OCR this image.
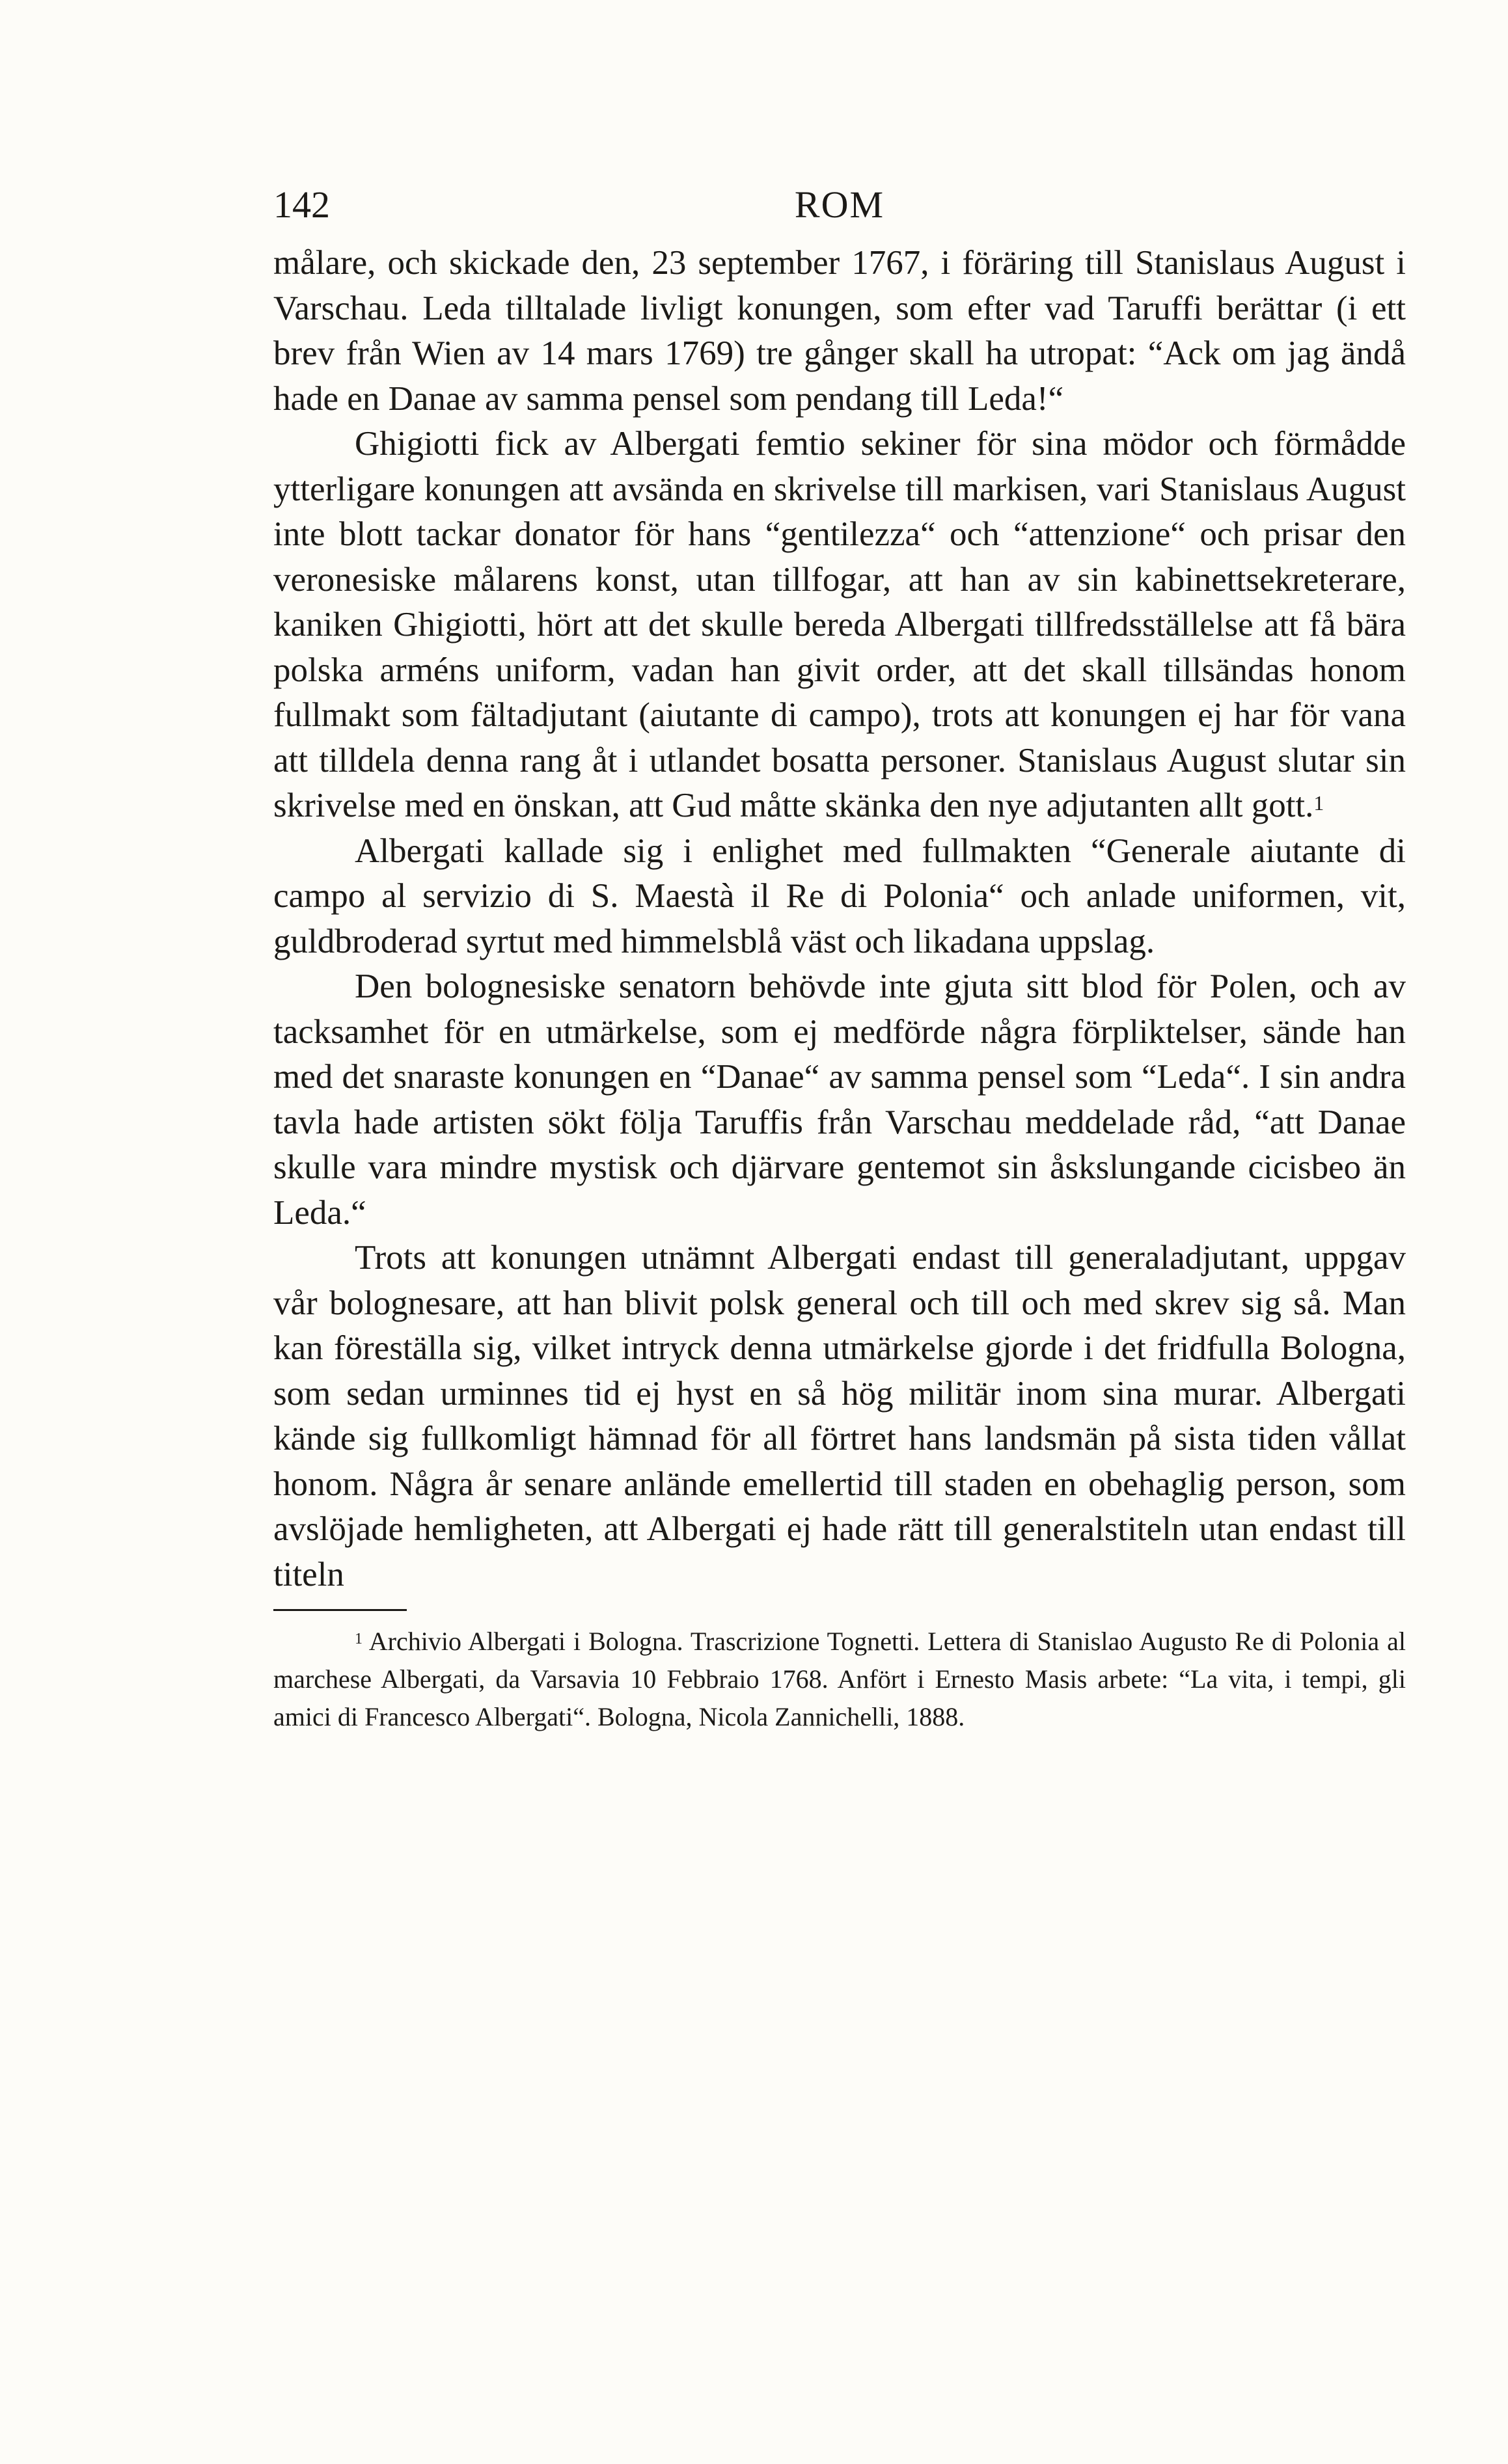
142	ROM

målare, och skickade den, 23 september 1767, i föräring till Stanislaus August i Varschau. Leda tilltalade livligt konungen, som efter vad Taruffi berättar (i ett brev från Wien av 14 mars 1769) tre gånger skall ha utropat: “Ack om jag ändå hade en Danae av samma pensel som pendang till Leda!“

Ghigiotti fick av Albergati femtio sekiner för sina mödor och förmådde ytterligare konungen att avsända en skrivelse till markisen, vari Stanislaus August inte blott tackar donator för hans “gentilezza“ och “attenzione“ och prisar den veronesiske målarens konst, utan tillfogar, att han av sin kabinettsekreterare, kaniken Ghigiotti, hört att det skulle bereda Albergati tillfredsställelse att få bära polska arméns uniform, vadan han givit order, att det skall tillsändas honom fullmakt som fältadjutant (aiutante di campo), trots att konungen ej har för vana att tilldela denna rang åt i utlandet bosatta personer. Stanislaus August slutar sin skrivelse med en önskan, att Gud måtte skänka den nye adjutanten allt gott.$^1$

Albergati kallade sig i enlighet med fullmakten “Generale aiutante di campo al servizio di S. Maestà il Re di Polonia“ och anlade uniformen, vit, guldbroderad syrtut med himmelsblå väst och likadana uppslag.

Den bolognesiske senatorn behövde inte gjuta sitt blod för Polen, och av tacksamhet för en utmärkelse, som ej medförde några förpliktelser, sände han med det snaraste konungen en “Danae“ av samma pensel som “Leda“. I sin andra tavla hade artisten sökt följa Taruffis från Varschau meddelade råd, “att Danae skulle vara mindre mystisk och djärvare gentemot sin åskslungande cicisbeo än Leda.“

Trots att konungen utnämnt Albergati endast till generaladjutant, uppgav vår bolognesare, att han blivit polsk general och till och med skrev sig så. Man kan föreställa sig, vilket intryck denna utmärkelse gjorde i det fridfulla Bologna, som sedan urminnes tid ej hyst en så hög militär inom sina murar. Albergati kände sig fullkomligt hämnad för all förtret hans landsmän på sista tiden vållat honom. Några år senare anlände emellertid till staden en obehaglig person, som avslöjade hemligheten, att Albergati ej hade rätt till generalstiteln utan endast till titeln

$^1$ Archivio Albergati i Bologna. Trascrizione Tognetti. Lettera di Stanislao Augusto Re di Polonia al marchese Albergati, da Varsavia 10 Febbraio 1768. Anfört i Ernesto Masis arbete: “La vita, i tempi, gli amici di Francesco Albergati“. Bologna, Nicola Zannichelli, 1888.
